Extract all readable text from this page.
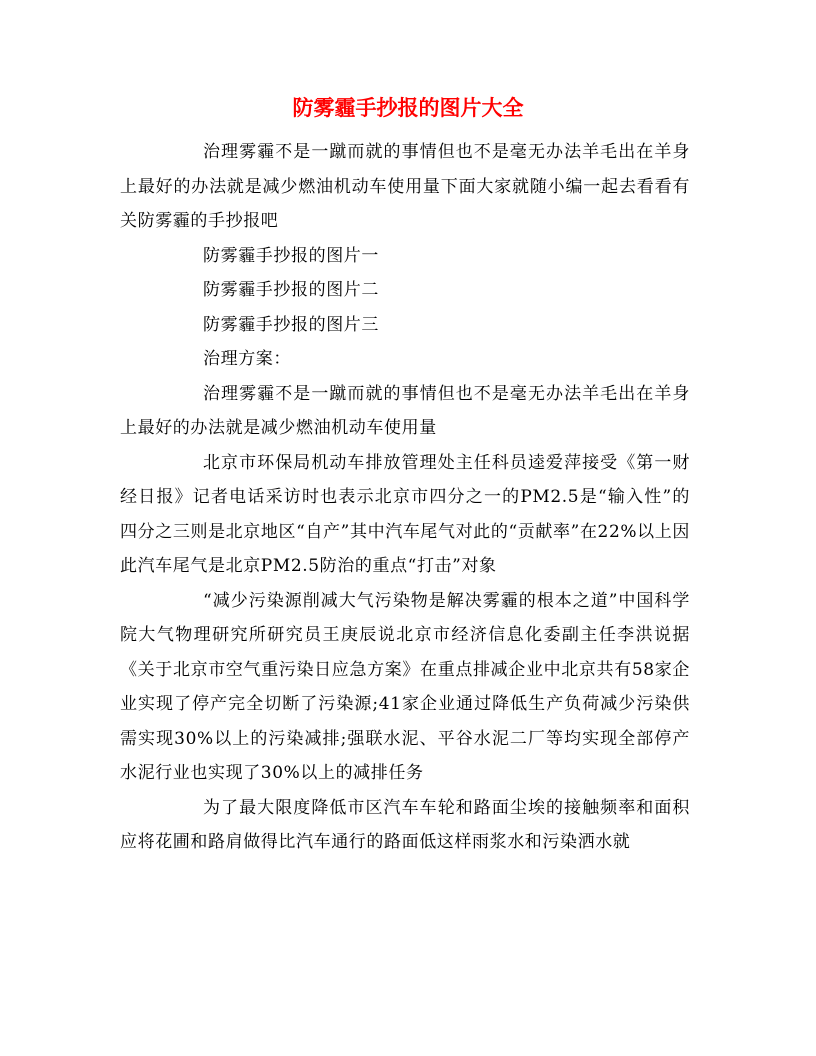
防雾霾手抄报的图片大全

治理雾霾不是一蹴而就的事情但也不是毫无办法羊毛出在羊身上最好的办法就是减少燃油机动车使用量下面大家就随小编一起去看看有关防雾霾的手抄报吧

防雾霾手抄报的图片一

防雾霾手抄报的图片二

防雾霾手抄报的图片三

治理方案：

治理雾霾不是一蹴而就的事情但也不是毫无办法羊毛出在羊身上最好的办法就是减少燃油机动车使用量

北京市环保局机动车排放管理处主任科员逵爱萍接受《第一财经日报》记者电话采访时也表示北京市四分之一的PM2.5是“输入性”的四分之三则是北京地区“自产”其中汽车尾气对此的“贡献率”在22%以上因此汽车尾气是北京PM2.5防治的重点“打击”对象

“减少污染源削减大气污染物是解决雾霾的根本之道”中国科学院大气物理研究所研究员王庚辰说北京市经济信息化委副主任李洪说据《关于北京市空气重污染日应急方案》在重点排减企业中北京共有58家企业实现了停产完全切断了污染源;41家企业通过降低生产负荷减少污染供需实现30%以上的污染减排;强联水泥、平谷水泥二厂等均实现全部停产水泥行业也实现了30%以上的减排任务

为了最大限度降低市区汽车车轮和路面尘埃的接触频率和面积应将花圃和路肩做得比汽车通行的路面低这样雨浆水和污染洒水就
